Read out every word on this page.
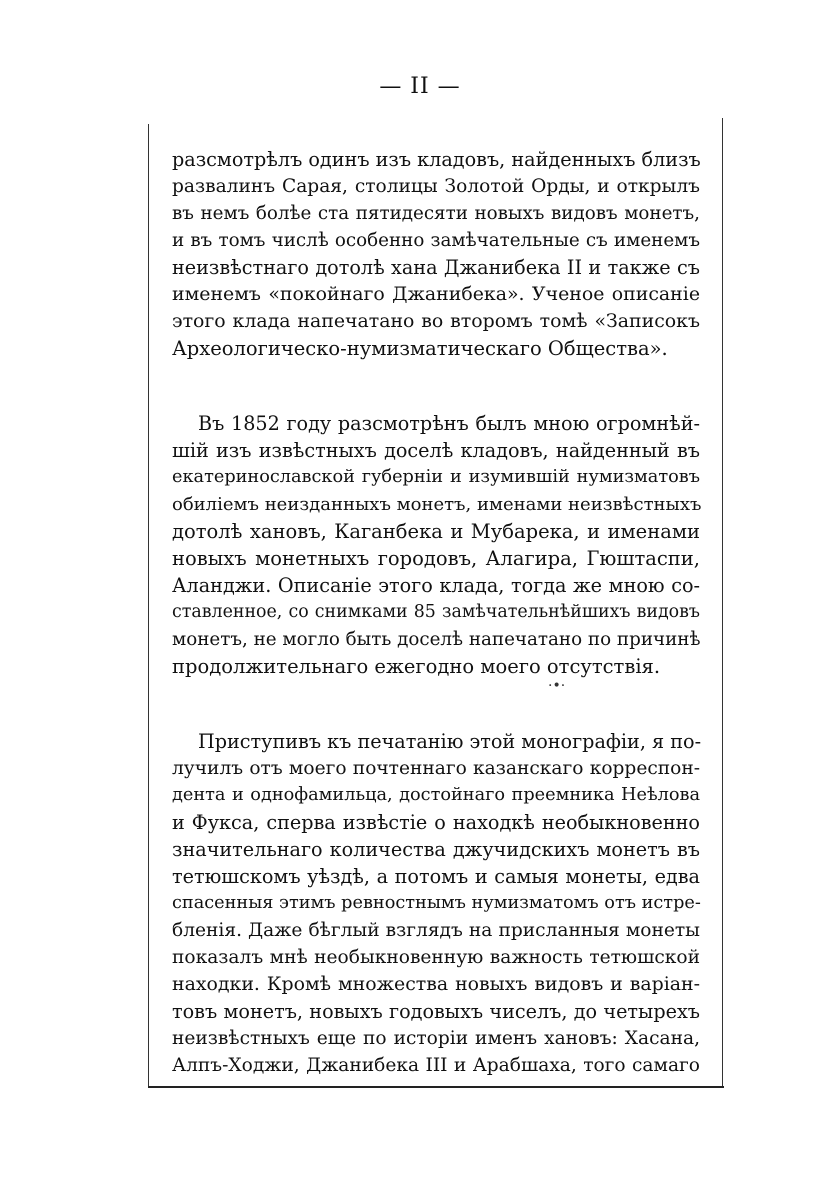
— II —
·•·
разсмотрѣлъ одинъ изъ кладовъ, найденныхъ близъ
развалинъ Сарая, столицы Золотой Орды, и открылъ
въ немъ болѣе ста пятидесяти новыхъ видовъ монетъ,
и въ томъ числѣ особенно замѣчательные съ именемъ
неизвѣстнаго дотолѣ хана Джанибека II и также съ
именемъ «покойнаго Джанибека». Ученое описаніе
этого клада напечатано во второмъ томѣ «Записокъ
Археологическо-нумизматическаго Общества».
Въ 1852 году разсмотрѣнъ былъ мною огромнѣй-
шій изъ извѣстныхъ доселѣ кладовъ, найденный въ
екатеринославской губерніи и изумившій нумизматовъ
обиліемъ неизданныхъ монетъ, именами неизвѣстныхъ
дотолѣ хановъ, Каганбека и Мубарека, и именами
новыхъ монетныхъ городовъ, Алагира, Гюштаспи,
Аланджи. Описаніе этого клада, тогда же мною со-
ставленное, со снимками 85 замѣчательнѣйшихъ видовъ
монетъ, не могло быть доселѣ напечатано по причинѣ
продолжительнаго ежегодно моего отсутствія.
Приступивъ къ печатанію этой монографіи, я по-
лучилъ отъ моего почтеннаго казанскаго корреспон-
дента и однофамильца, достойнаго преемника Неѣлова
и Фукса, сперва извѣстіе о находкѣ необыкновенно
значительнаго количества джучидскихъ монетъ въ
тетюшскомъ уѣздѣ, а потомъ и самыя монеты, едва
спасенныя этимъ ревностнымъ нумизматомъ отъ истре-
бленія. Даже бѣглый взглядъ на присланныя монеты
показалъ мнѣ необыкновенную важность тетюшской
находки. Кромѣ множества новыхъ видовъ и варіан-
товъ монетъ, новыхъ годовыхъ чиселъ, до четырехъ
неизвѣстныхъ еще по исторіи именъ хановъ: Хасана,
Алпъ-Ходжи, Джанибека III и Арабшаха, того самаго
